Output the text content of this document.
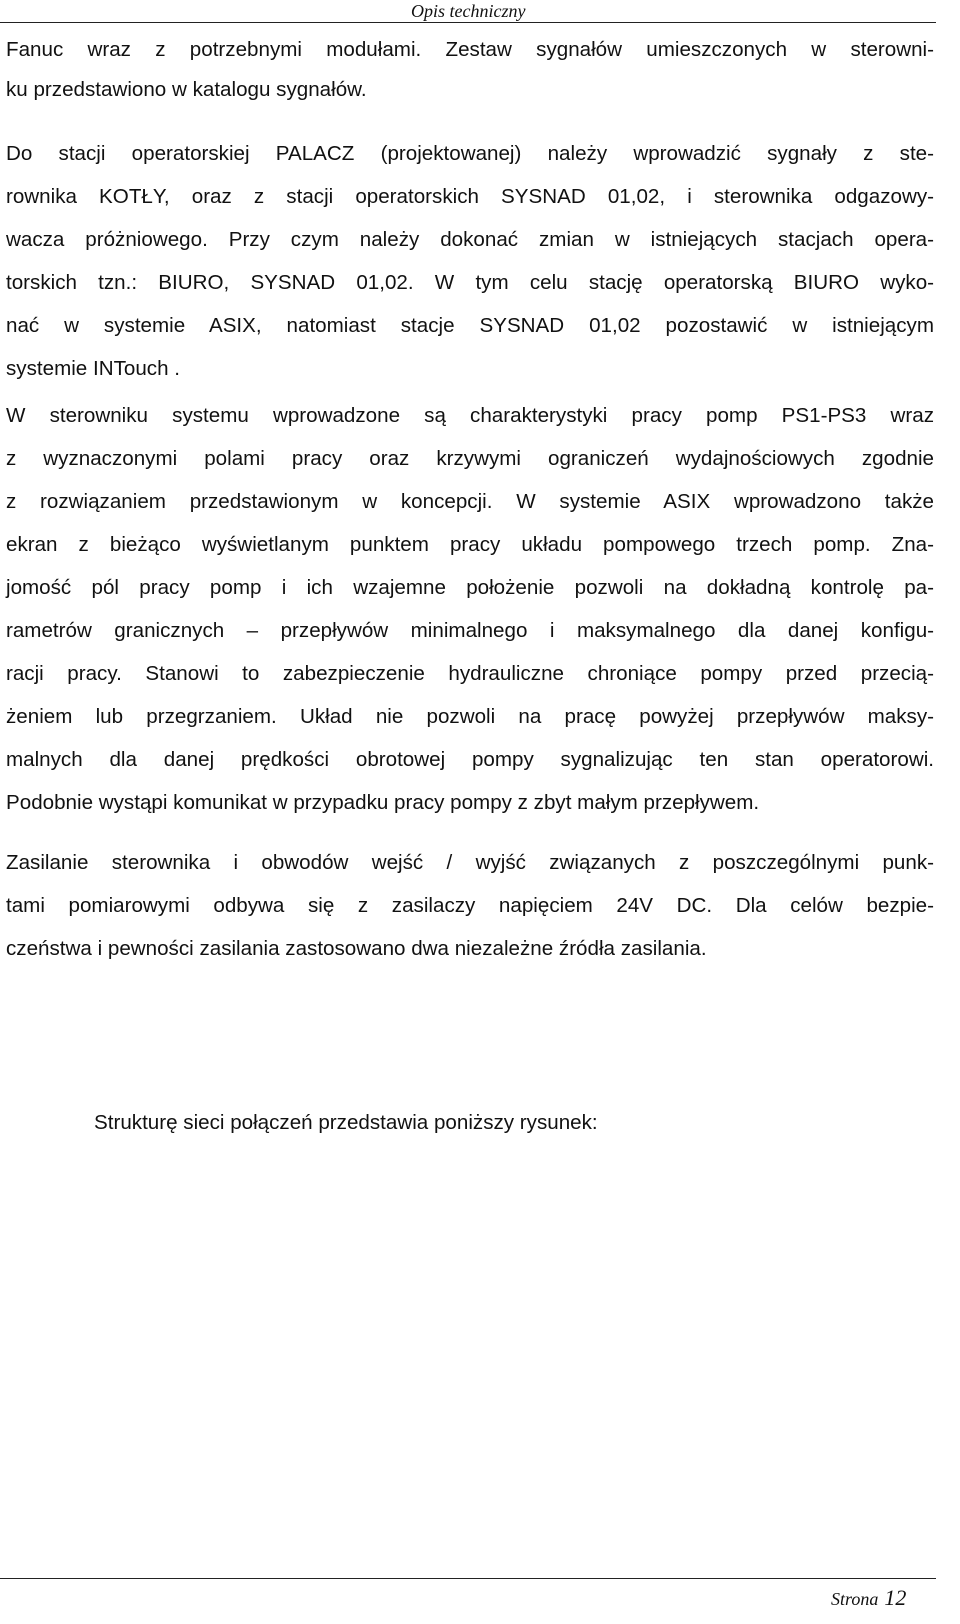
Opis techniczny
Fanuc wraz z potrzebnymi modułami. Zestaw sygnałów umieszczonych w sterowni-
ku przedstawiono w katalogu sygnałów.
Do stacji operatorskiej PALACZ (projektowanej) należy wprowadzić sygnały z ste-
rownika KOTŁY, oraz z stacji operatorskich SYSNAD 01,02, i sterownika odgazowy-
wacza próżniowego. Przy czym należy dokonać zmian w istniejących stacjach opera-
torskich tzn.: BIURO, SYSNAD 01,02. W tym celu stację operatorską BIURO wyko-
nać w systemie ASIX, natomiast stacje SYSNAD 01,02 pozostawić w istniejącym
systemie INTouch .
W sterowniku systemu wprowadzone są charakterystyki pracy pomp PS1-PS3 wraz
z wyznaczonymi polami pracy oraz krzywymi ograniczeń wydajnościowych zgodnie
z rozwiązaniem przedstawionym w koncepcji. W systemie ASIX wprowadzono także
ekran z bieżąco wyświetlanym punktem pracy układu pompowego trzech pomp. Zna-
jomość pól pracy pomp i ich wzajemne położenie pozwoli na dokładną kontrolę pa-
rametrów granicznych – przepływów minimalnego i maksymalnego dla danej konfigu-
racji pracy. Stanowi to zabezpieczenie hydrauliczne chroniące pompy przed przecią-
żeniem lub przegrzaniem. Układ nie pozwoli na pracę powyżej przepływów maksy-
malnych dla danej prędkości obrotowej pompy sygnalizując ten stan operatorowi.
Podobnie wystąpi komunikat w przypadku pracy pompy z zbyt małym przepływem.
Zasilanie sterownika i obwodów wejść / wyjść związanych z poszczególnymi punk-
tami pomiarowymi odbywa się z zasilaczy napięciem 24V DC. Dla celów bezpie-
czeństwa i pewności zasilania zastosowano dwa niezależne źródła zasilania.
Strukturę sieci połączeń przedstawia poniższy rysunek:
Strona 12
